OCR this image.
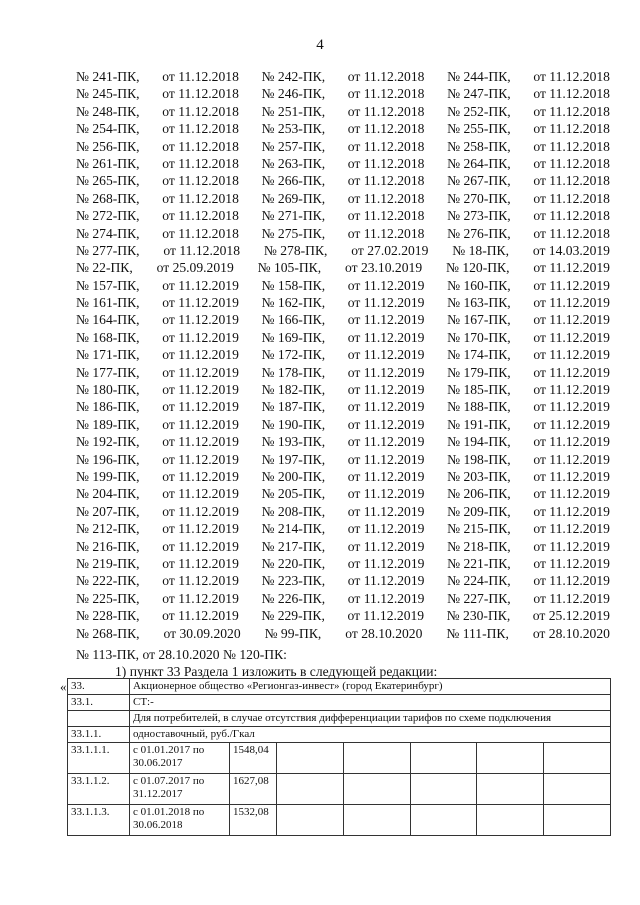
4
№ 241-ПК, от 11.12.2018 № 242-ПК, от 11.12.2018 № 244-ПК, от 11.12.2018
№ 245-ПК, от 11.12.2018 № 246-ПК, от 11.12.2018 № 247-ПК, от 11.12.2018
№ 248-ПК, от 11.12.2018 № 251-ПК, от 11.12.2018 № 252-ПК, от 11.12.2018
№ 254-ПК, от 11.12.2018 № 253-ПК, от 11.12.2018 № 255-ПК, от 11.12.2018
№ 256-ПК, от 11.12.2018 № 257-ПК, от 11.12.2018 № 258-ПК, от 11.12.2018
№ 261-ПК, от 11.12.2018 № 263-ПК, от 11.12.2018 № 264-ПК, от 11.12.2018
№ 265-ПК, от 11.12.2018 № 266-ПК, от 11.12.2018 № 267-ПК, от 11.12.2018
№ 268-ПК, от 11.12.2018 № 269-ПК, от 11.12.2018 № 270-ПК, от 11.12.2018
№ 272-ПК, от 11.12.2018 № 271-ПК, от 11.12.2018 № 273-ПК, от 11.12.2018
№ 274-ПК, от 11.12.2018 № 275-ПК, от 11.12.2018 № 276-ПК, от 11.12.2018
№ 277-ПК, от 11.12.2018 № 278-ПК, от 27.02.2019 № 18-ПК, от 14.03.2019
№ 22-ПК, от 25.09.2019 № 105-ПК, от 23.10.2019 № 120-ПК, от 11.12.2019
№ 157-ПК, от 11.12.2019 № 158-ПК, от 11.12.2019 № 160-ПК, от 11.12.2019
№ 161-ПК, от 11.12.2019 № 162-ПК, от 11.12.2019 № 163-ПК, от 11.12.2019
№ 164-ПК, от 11.12.2019 № 166-ПК, от 11.12.2019 № 167-ПК, от 11.12.2019
№ 168-ПК, от 11.12.2019 № 169-ПК, от 11.12.2019 № 170-ПК, от 11.12.2019
№ 171-ПК, от 11.12.2019 № 172-ПК, от 11.12.2019 № 174-ПК, от 11.12.2019
№ 177-ПК, от 11.12.2019 № 178-ПК, от 11.12.2019 № 179-ПК, от 11.12.2019
№ 180-ПК, от 11.12.2019 № 182-ПК, от 11.12.2019 № 185-ПК, от 11.12.2019
№ 186-ПК, от 11.12.2019 № 187-ПК, от 11.12.2019 № 188-ПК, от 11.12.2019
№ 189-ПК, от 11.12.2019 № 190-ПК, от 11.12.2019 № 191-ПК, от 11.12.2019
№ 192-ПК, от 11.12.2019 № 193-ПК, от 11.12.2019 № 194-ПК, от 11.12.2019
№ 196-ПК, от 11.12.2019 № 197-ПК, от 11.12.2019 № 198-ПК, от 11.12.2019
№ 199-ПК, от 11.12.2019 № 200-ПК, от 11.12.2019 № 203-ПК, от 11.12.2019
№ 204-ПК, от 11.12.2019 № 205-ПК, от 11.12.2019 № 206-ПК, от 11.12.2019
№ 207-ПК, от 11.12.2019 № 208-ПК, от 11.12.2019 № 209-ПК, от 11.12.2019
№ 212-ПК, от 11.12.2019 № 214-ПК, от 11.12.2019 № 215-ПК, от 11.12.2019
№ 216-ПК, от 11.12.2019 № 217-ПК, от 11.12.2019 № 218-ПК, от 11.12.2019
№ 219-ПК, от 11.12.2019 № 220-ПК, от 11.12.2019 № 221-ПК, от 11.12.2019
№ 222-ПК, от 11.12.2019 № 223-ПК, от 11.12.2019 № 224-ПК, от 11.12.2019
№ 225-ПК, от 11.12.2019 № 226-ПК, от 11.12.2019 № 227-ПК, от 11.12.2019
№ 228-ПК, от 11.12.2019 № 229-ПК, от 11.12.2019 № 230-ПК, от 25.12.2019
№ 268-ПК, от 30.09.2020 № 99-ПК, от 28.10.2020 № 111-ПК, от 28.10.2020
№ 113-ПК, от 28.10.2020 № 120-ПК:
1) пункт 33 Раздела 1 изложить в следующей редакции:
« 33.	Акционерное общество «Регионгаз-инвест» (город Екатеринбург)						
33.1.	СТ:-						
	Для потребителей, в случае отсутствия дифференциации тарифов по схеме подключения						
33.1.1.	одноставочный, руб./Гкал						
33.1.1.1.	с 01.01.2017 по 30.06.2017	1548,04					
33.1.1.2.	с 01.07.2017 по 31.12.2017	1627,08					
33.1.1.3.	с 01.01.2018 по 30.06.2018	1532,08					
